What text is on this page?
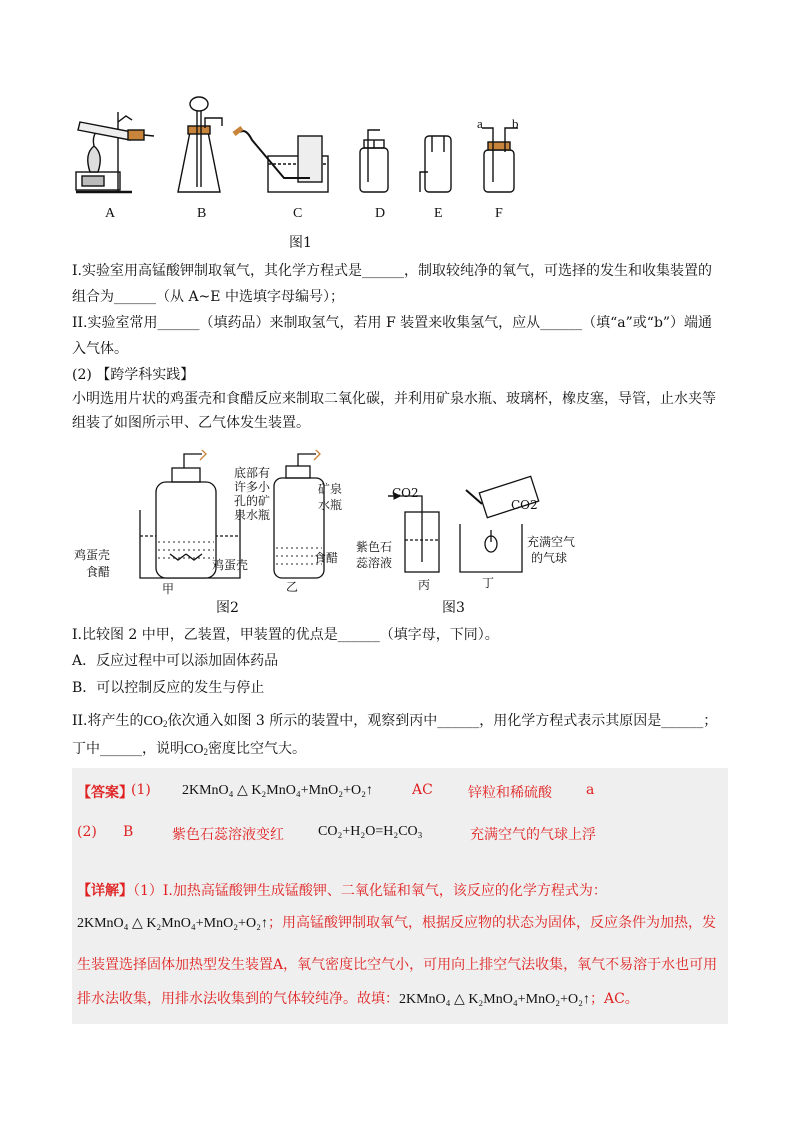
a b
A	B	C	D	E	F
图1
I.实验室用高锰酸钾制取氧气，其化学方程式是______，制取较纯净的氧气，可选择的发生和收集装置的
组合为______（从 A~E 中选填字母编号）；
II.实验室常用______（填药品）来制取氢气，若用 F 装置来收集氢气，应从______（填“a”或“b”）端通
入气体。
(2) 【跨学科实践】
小明选用片状的鸡蛋壳和食醋反应来制取二氧化碳，并利用矿泉水瓶、玻璃杯，橡皮塞，导管，止水夹等
组装了如图所示甲、乙气体发生装置。
底部有
许多小
孔的矿
泉水瓶
鸡蛋壳
食醋
甲
矿泉
水瓶
鸡蛋壳	食醋
乙
图2
CO2
紫色石
蕊溶液
丙
CO2
充满空气
的气球
丁
图3
I.比较图 2 中甲，乙装置，甲装置的优点是______（填字母，下同）。
A．反应过程中可以添加固体药品
B．可以控制反应的发生与停止
II.将产生的$CO_2$依次通入如图 3 所示的装置中，观察到丙中______，用化学方程式表示其原因是______；
丁中______，说明$CO_2$密度比空气大。
【答案】
(1) 2KMnO₄ △ K₂MnO₄+MnO₂+O₂↑	AC	锌粒和稀硫酸 a
(2) B	紫色石蕊溶液变红 CO₂+H₂O=H₂CO₃	充满空气的气球上浮
【详解】（1）Ⅰ.加热高锰酸钾生成锰酸钾、二氧化锰和氧气，该反应的化学方程式为：
2KMnO₄ △ K₂MnO₄+MnO₂+O₂↑；用高锰酸钾制取氧气，根据反应物的状态为固体，反应条件为加热，发
生装置选择固体加热型发生装置A，氧气密度比空气小，可用向上排空气法收集，氧气不易溶于水也可用
排水法收集，用排水法收集到的气体较纯净。故填：2KMnO₄ △ K₂MnO₄+MnO₂+O₂↑；AC。
